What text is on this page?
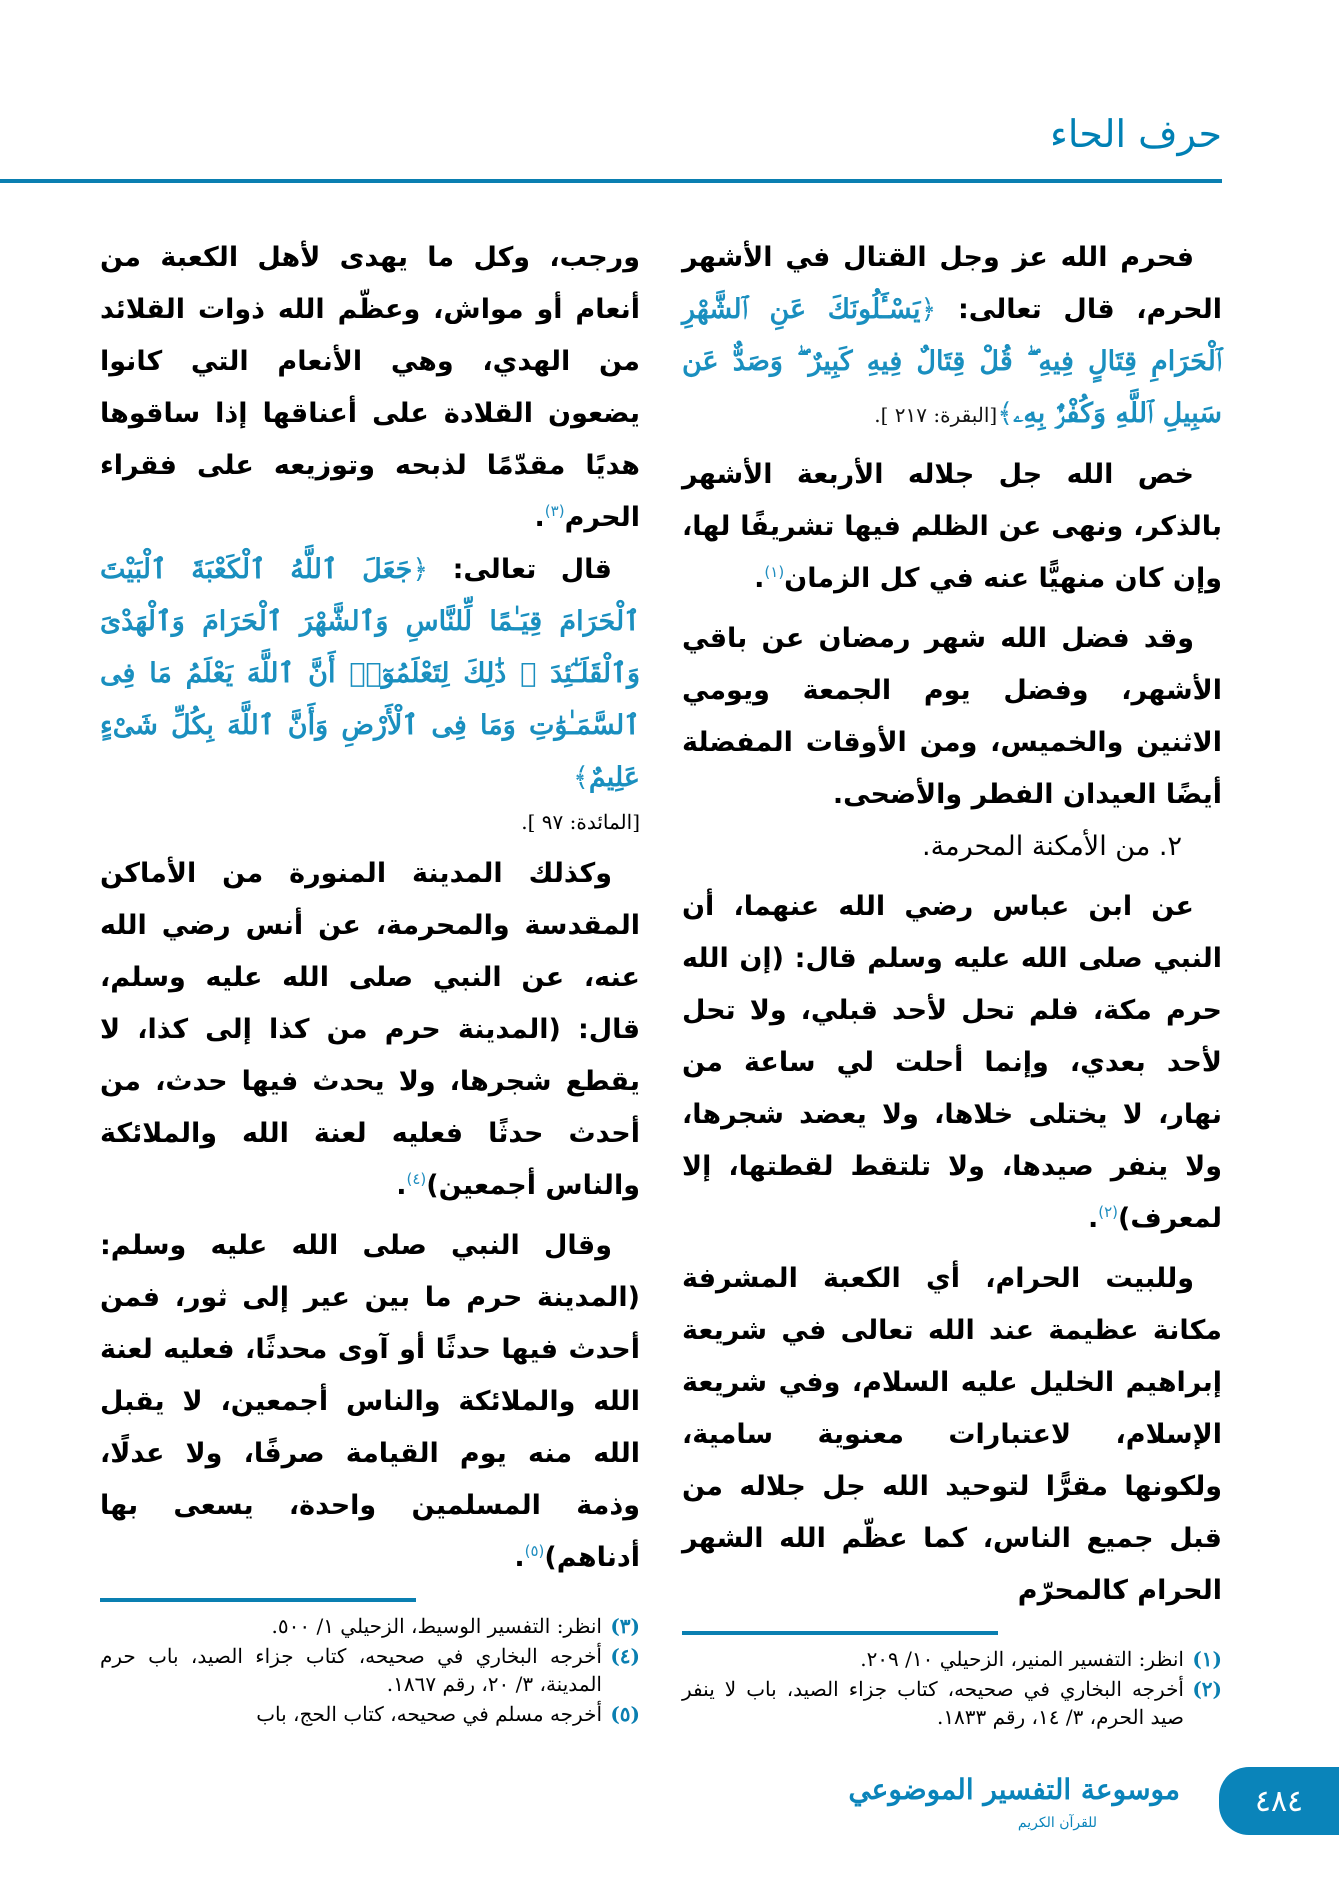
حرف الحاء

فحرم الله عز وجل القتال في الأشهر الحرم، قال تعالى: ﴿يَسْـَٔلُونَكَ عَنِ ٱلشَّهْرِ ٱلْحَرَامِ قِتَالٍ فِيهِ ۖ قُلْ قِتَالٌ فِيهِ كَبِيرٌ ۖ وَصَدٌّ عَن سَبِيلِ ٱللَّهِ وَكُفْرٌۢ بِهِۦ﴾[البقرة: ٢١٧ ].

خص الله جل جلاله الأربعة الأشهر بالذكر، ونهى عن الظلم فيها تشريفًا لها، وإن كان منهيًّا عنه في كل الزمان$^{(١)}$.

وقد فضل الله شهر رمضان عن باقي الأشهر، وفضل يوم الجمعة ويومي الاثنين والخميس، ومن الأوقات المفضلة أيضًا العيدان الفطر والأضحى.

٢. من الأمكنة المحرمة.

عن ابن عباس رضي الله عنهما، أن النبي صلى الله عليه وسلم قال: (إن الله حرم مكة، فلم تحل لأحد قبلي، ولا تحل لأحد بعدي، وإنما أحلت لي ساعة من نهار، لا يختلى خلاها، ولا يعضد شجرها، ولا ينفر صيدها، ولا تلتقط لقطتها، إلا لمعرف)$^{(٢)}$.

وللبيت الحرام، أي الكعبة المشرفة مكانة عظيمة عند الله تعالى في شريعة إبراهيم الخليل عليه السلام، وفي شريعة الإسلام، لاعتبارات معنوية سامية، ولكونها مقرًّا لتوحيد الله جل جلاله من قبل جميع الناس، كما عظّم الله الشهر الحرام كالمحرّم

(١)
انظر: التفسير المنير، الزحيلي ١٠/ ٢٠٩.
(٢)
أخرجه البخاري في صحيحه، كتاب جزاء الصيد، باب لا ينفر صيد الحرم، ٣/ ١٤، رقم ١٨٣٣.

ورجب، وكل ما يهدى لأهل الكعبة من أنعام أو مواش، وعظّم الله ذوات القلائد من الهدي، وهي الأنعام التي كانوا يضعون القلادة على أعناقها إذا ساقوها هديًا مقدّمًا لذبحه وتوزيعه على فقراء الحرم$^{(٣)}$.

قال تعالى: ﴿جَعَلَ ٱللَّهُ ٱلْكَعْبَةَ ٱلْبَيْتَ ٱلْحَرَامَ قِيَـٰمًا لِّلنَّاسِ وَٱلشَّهْرَ ٱلْحَرَامَ وَٱلْهَدْىَ وَٱلْقَلَـٰٓئِدَ ۚ ذَٰلِكَ لِتَعْلَمُوٓا۟ أَنَّ ٱللَّهَ يَعْلَمُ مَا فِى ٱلسَّمَـٰوَٰتِ وَمَا فِى ٱلْأَرْضِ وَأَنَّ ٱللَّهَ بِكُلِّ شَىْءٍ عَلِيمٌ﴾

[المائدة: ٩٧ ].

وكذلك المدينة المنورة من الأماكن المقدسة والمحرمة، عن أنس رضي الله عنه، عن النبي صلى الله عليه وسلم، قال: (المدينة حرم من كذا إلى كذا، لا يقطع شجرها، ولا يحدث فيها حدث، من أحدث حدثًا فعليه لعنة الله والملائكة والناس أجمعين)$^{(٤)}$.

وقال النبي صلى الله عليه وسلم: (المدينة حرم ما بين عير إلى ثور، فمن أحدث فيها حدثًا أو آوى محدثًا، فعليه لعنة الله والملائكة والناس أجمعين، لا يقبل الله منه يوم القيامة صرفًا، ولا عدلًا، وذمة المسلمين واحدة، يسعى بها أدناهم)$^{(٥)}$.

(٣)
انظر: التفسير الوسيط، الزحيلي ١/ ٥٠٠.
(٤)
أخرجه البخاري في صحيحه، كتاب جزاء الصيد، باب حرم المدينة، ٣/ ٢٠، رقم ١٨٦٧.
(٥)
أخرجه مسلم في صحيحه، كتاب الحج، باب
موسوعة التفسير الموضوعي
للقرآن الكريم
٤٨٤
